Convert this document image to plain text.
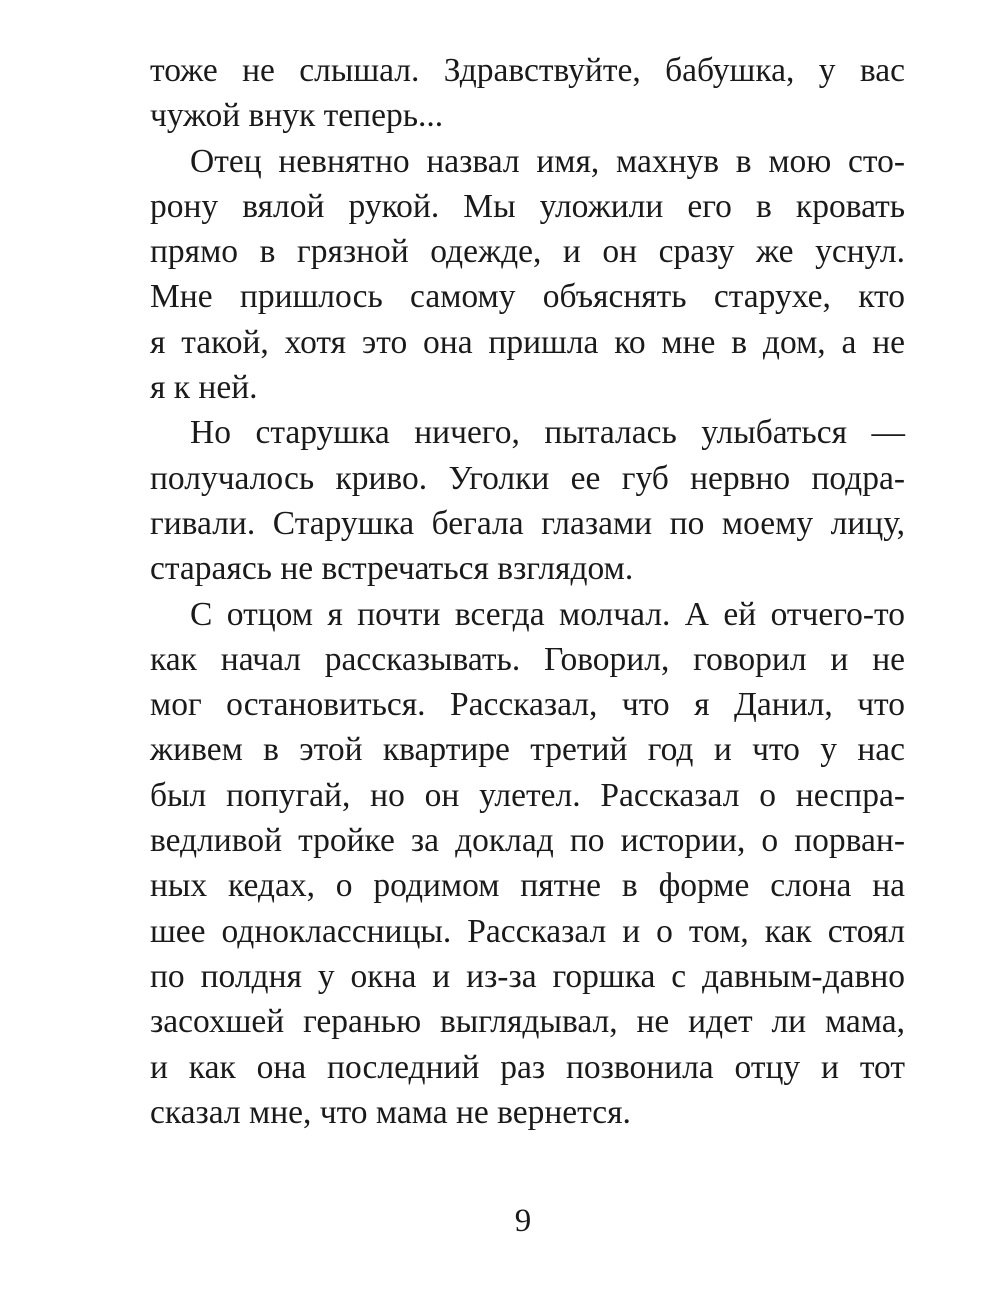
тоже не слышал. Здравствуйте, бабушка, у вас
чужой внук теперь...
Отец невнятно назвал имя, махнув в мою сто-
рону вялой рукой. Мы уложили его в кровать
прямо в грязной одежде, и он сразу же уснул.
Мне пришлось самому объяснять старухе, кто
я такой, хотя это она пришла ко мне в дом, а не
я к ней.
Но старушка ничего, пыталась улыбаться —
получалось криво. Уголки ее губ нервно подра-
гивали. Старушка бегала глазами по моему лицу,
стараясь не встречаться взглядом.
С отцом я почти всегда молчал. А ей отчего-то
как начал рассказывать. Говорил, говорил и не
мог остановиться. Рассказал, что я Данил, что
живем в этой квартире третий год и что у нас
был попугай, но он улетел. Рассказал о неспра-
ведливой тройке за доклад по истории, о порван-
ных кедах, о родимом пятне в форме слона на
шее одноклассницы. Рассказал и о том, как стоял
по полдня у окна и из-за горшка с давным-давно
засохшей геранью выглядывал, не идет ли мама,
и как она последний раз позвонила отцу и тот
сказал мне, что мама не вернется.
9
